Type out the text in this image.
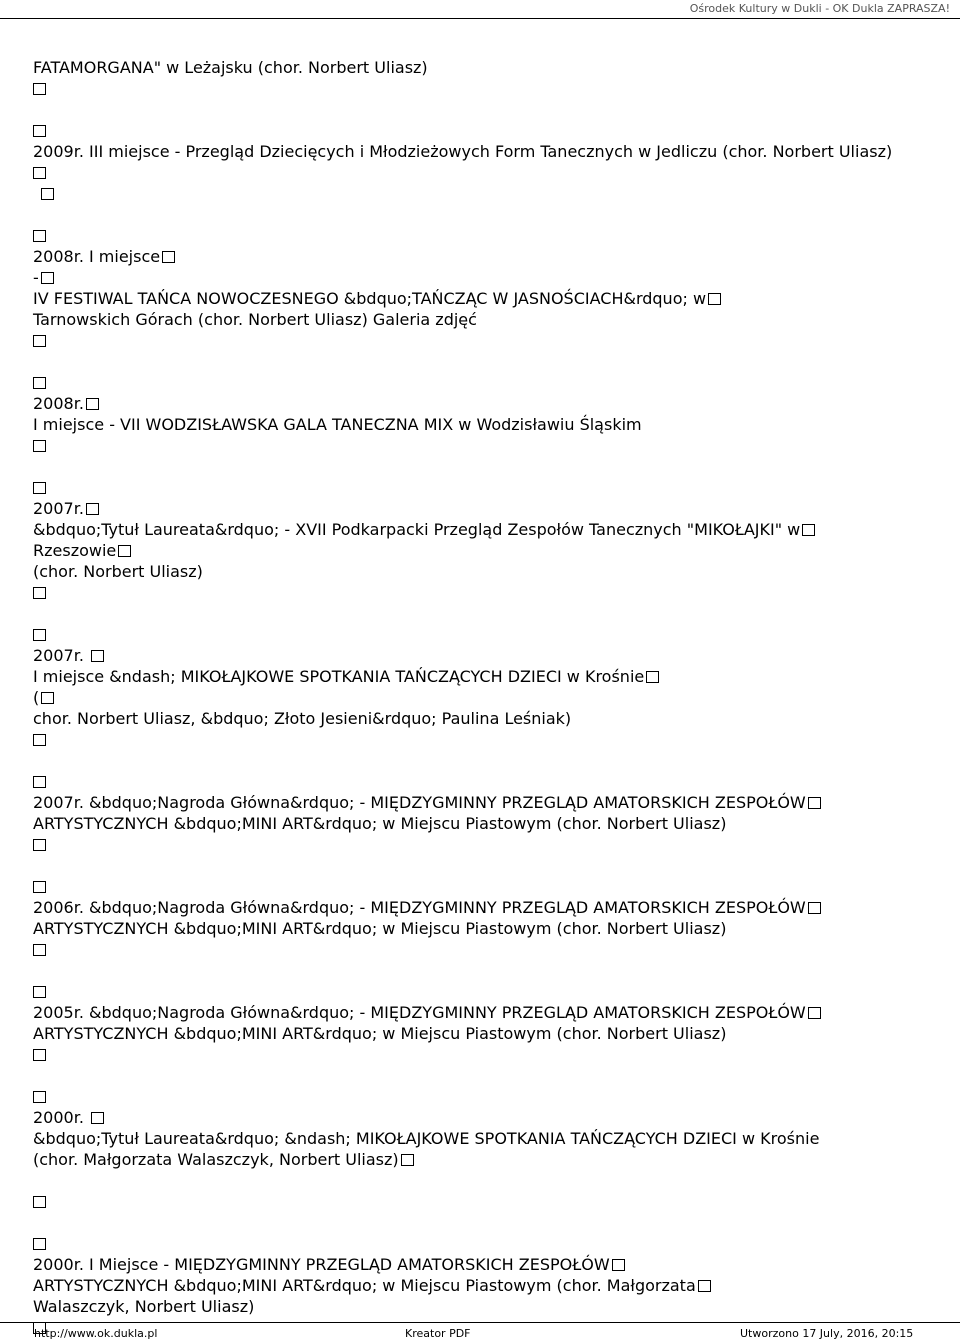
Ośrodek Kultury w Dukli - OK Dukla ZAPRASZA!
FATAMORGANA" w Leżajsku (chor. Norbert Uliasz)
2009r. III miejsce - Przegląd Dziecięcych i Młodzieżowych Form Tanecznych w Jedliczu (chor. Norbert Uliasz)
2008r. I miejsce
-
IV FESTIWAL TAŃCA NOWOCZESNEGO &bdquo;TAŃCZĄC W JASNOŚCIACH&rdquo; w
Tarnowskich Górach (chor. Norbert Uliasz) Galeria zdjęć
2008r.
I miejsce - VII WODZISŁAWSKA GALA TANECZNA MIX w Wodzisławiu Śląskim
2007r.
&bdquo;Tytuł Laureata&rdquo; - XVII Podkarpacki Przegląd Zespołów Tanecznych "MIKOŁAJKI" w
Rzeszowie
(chor. Norbert Uliasz)
2007r.
I miejsce &ndash; MIKOŁAJKOWE SPOTKANIA TAŃCZĄCYCH DZIECI w Krośnie
(
chor. Norbert Uliasz, &bdquo; Złoto Jesieni&rdquo; Paulina Leśniak)
2007r. &bdquo;Nagroda Główna&rdquo; - MIĘDZYGMINNY PRZEGLĄD AMATORSKICH ZESPOŁÓW
ARTYSTYCZNYCH &bdquo;MINI ART&rdquo; w Miejscu Piastowym (chor. Norbert Uliasz)
2006r. &bdquo;Nagroda Główna&rdquo; - MIĘDZYGMINNY PRZEGLĄD AMATORSKICH ZESPOŁÓW
ARTYSTYCZNYCH &bdquo;MINI ART&rdquo; w Miejscu Piastowym (chor. Norbert Uliasz)
2005r. &bdquo;Nagroda Główna&rdquo; - MIĘDZYGMINNY PRZEGLĄD AMATORSKICH ZESPOŁÓW
ARTYSTYCZNYCH &bdquo;MINI ART&rdquo; w Miejscu Piastowym (chor. Norbert Uliasz)
2000r.
&bdquo;Tytuł Laureata&rdquo; &ndash; MIKOŁAJKOWE SPOTKANIA TAŃCZĄCYCH DZIECI w Krośnie
(chor. Małgorzata Walaszczyk, Norbert Uliasz)
2000r. I Miejsce - MIĘDZYGMINNY PRZEGLĄD AMATORSKICH ZESPOŁÓW
ARTYSTYCZNYCH &bdquo;MINI ART&rdquo; w Miejscu Piastowym (chor. Małgorzata
Walaszczyk, Norbert Uliasz)
http://www.ok.dukla.pl	Kreator PDF	Utworzono 17 July, 2016, 20:15
